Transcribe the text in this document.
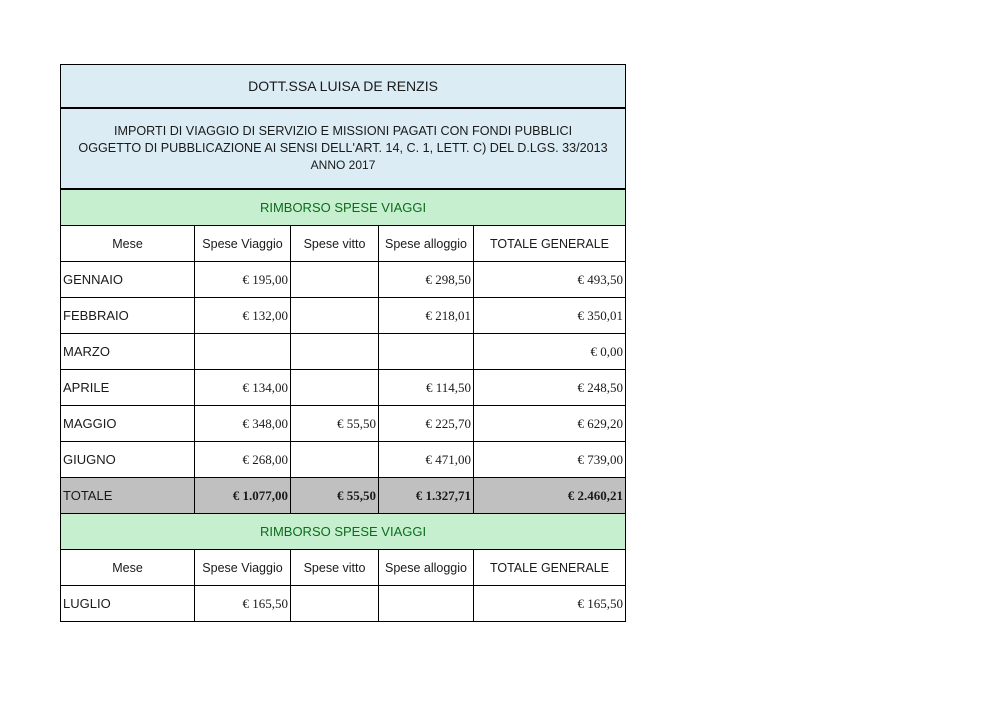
DOTT.SSA LUISA DE RENZIS				

IMPORTI DI VIAGGIO DI SERVIZIO E MISSIONI PAGATI CON FONDI PUBBLICI
OGGETTO DI PUBBLICAZIONE AI SENSI DELL'ART. 14, C. 1, LETT. C) DEL D.LGS. 33/2013
ANNO 2017				

RIMBORSO SPESE VIAGGI				
Mese	Spese Viaggio	Spese vitto	Spese alloggio	TOTALE GENERALE
GENNAIO	€ 195,00		€ 298,50	€ 493,50
FEBBRAIO	€ 132,00		€ 218,01	€ 350,01
MARZO				€ 0,00
APRILE	€ 134,00		€ 114,50	€ 248,50
MAGGIO	€ 348,00	€ 55,50	€ 225,70	€ 629,20
GIUGNO	€ 268,00		€ 471,00	€ 739,00
TOTALE	€ 1.077,00	€ 55,50	€ 1.327,71	€ 2.460,21
RIMBORSO SPESE VIAGGI				
Mese	Spese Viaggio	Spese vitto	Spese alloggio	TOTALE GENERALE
LUGLIO	€ 165,50			€ 165,50
